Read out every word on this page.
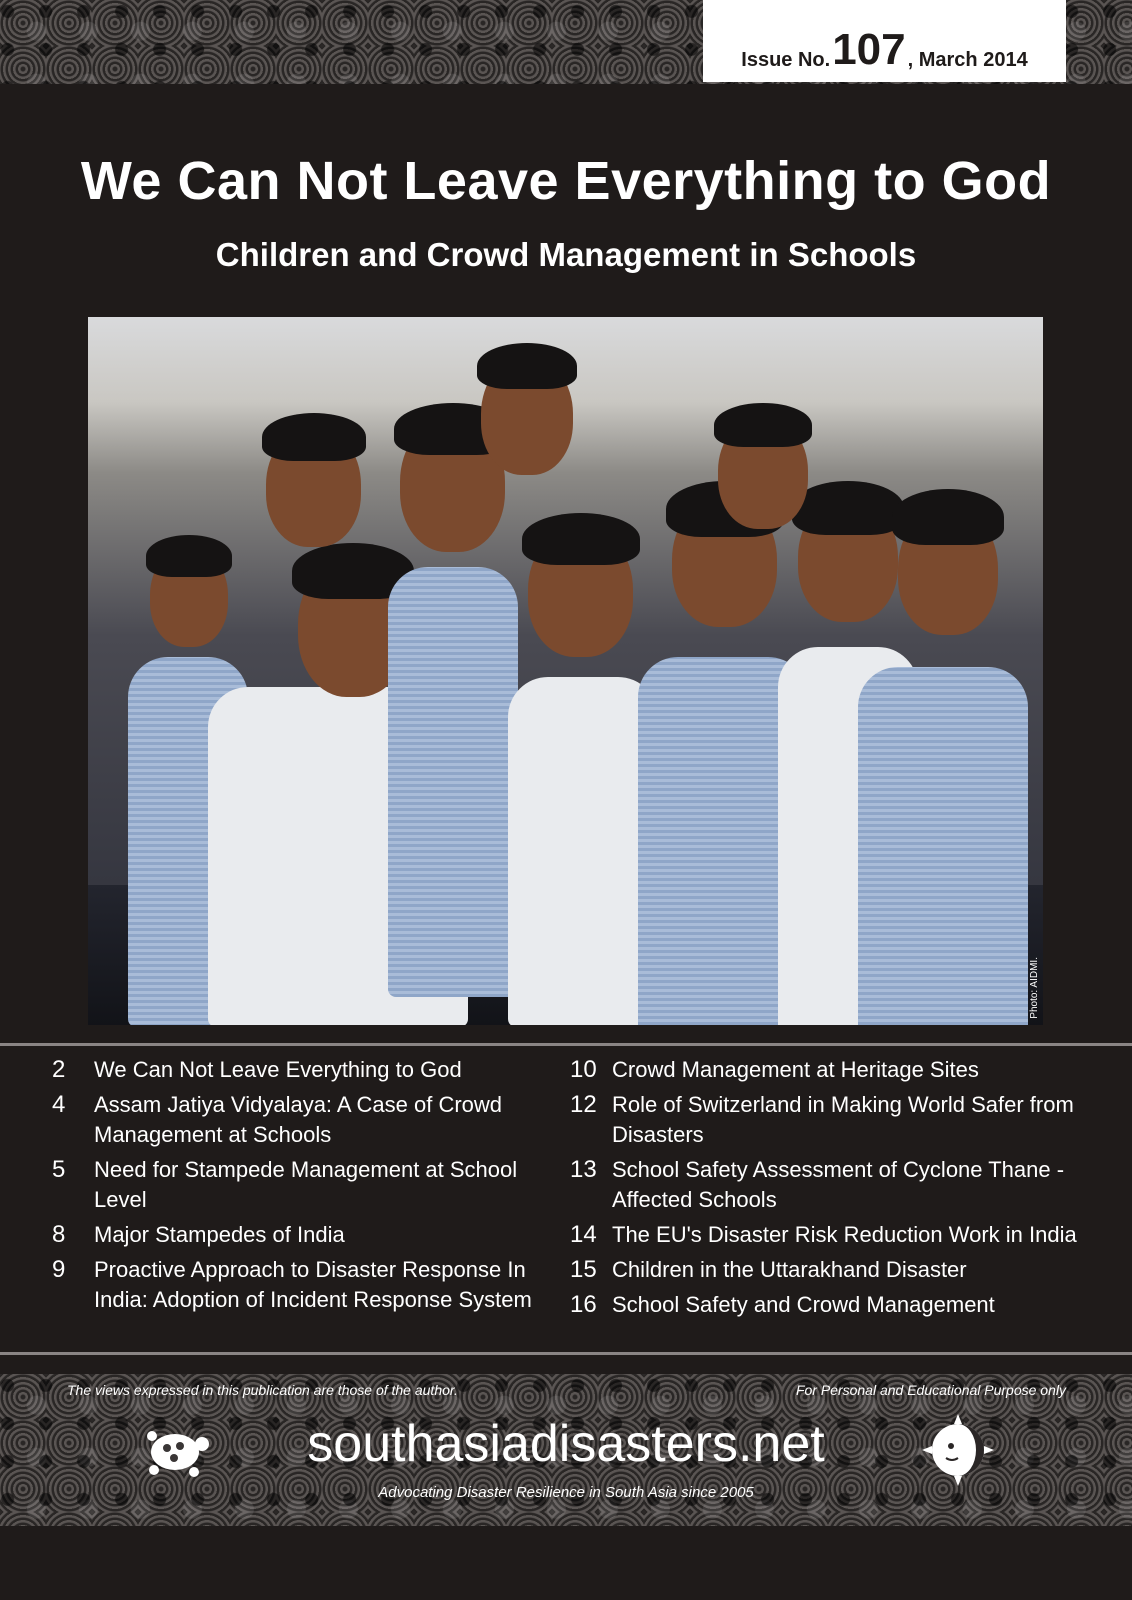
Issue No. 107 , March 2014
We Can Not Leave Everything to God
Children and Crowd Management in Schools
Photo: AIDMI.
2	We Can Not Leave Everything to God
4	Assam Jatiya Vidyalaya: A Case of Crowd Management at Schools
5	Need for Stampede Management at School Level
8	Major Stampedes of India
9	Proactive Approach to Disaster Response In India: Adoption of Incident Response System
10 Crowd Management at Heritage Sites
12 Role of Switzerland in Making World Safer from Disasters
13 School Safety Assessment of Cyclone Thane - Affected Schools
14 The EU's Disaster Risk Reduction Work in India
15 Children in the Uttarakhand Disaster
16 School Safety and Crowd Management
The views expressed in this publication are those of the author.	For Personal and Educational Purpose only
southasiadisasters.net
Advocating Disaster Resilience in South Asia since 2005
